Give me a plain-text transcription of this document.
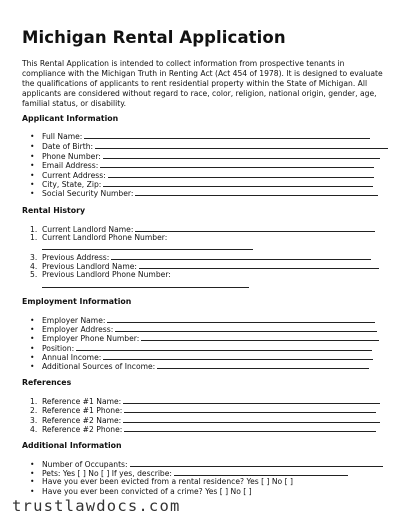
Michigan Rental Application
This Rental Application is intended to collect information from prospective tenants in compliance with the Michigan Truth in Renting Act (Act 454 of 1978). It is designed to evaluate the qualifications of applicants to rent residential property within the State of Michigan. All applicants are considered without regard to race, color, religion, national origin, gender, age, familial status, or disability.
Applicant Information
• Full Name:
• Date of Birth:
• Phone Number:
• Email Address:
• Current Address:
• City, State, Zip:
• Social Security Number:
Rental History
1. Current Landlord Name:
1. Current Landlord Phone Number:
3. Previous Address:
4. Previous Landlord Name:
5. Previous Landlord Phone Number:
Employment Information
• Employer Name:
• Employer Address:
• Employer Phone Number:
• Position:
• Annual Income:
• Additional Sources of Income:
References
1. Reference #1 Name:
2. Reference #1 Phone:
3. Reference #2 Name:
4. Reference #2 Phone:
Additional Information
• Number of Occupants:
• Pets: Yes [ ] No [ ] If yes, describe:
• Have you ever been evicted from a rental residence? Yes [ ] No [ ]
• Have you ever been convicted of a crime? Yes [ ] No [ ]
trustlawdocs.com
